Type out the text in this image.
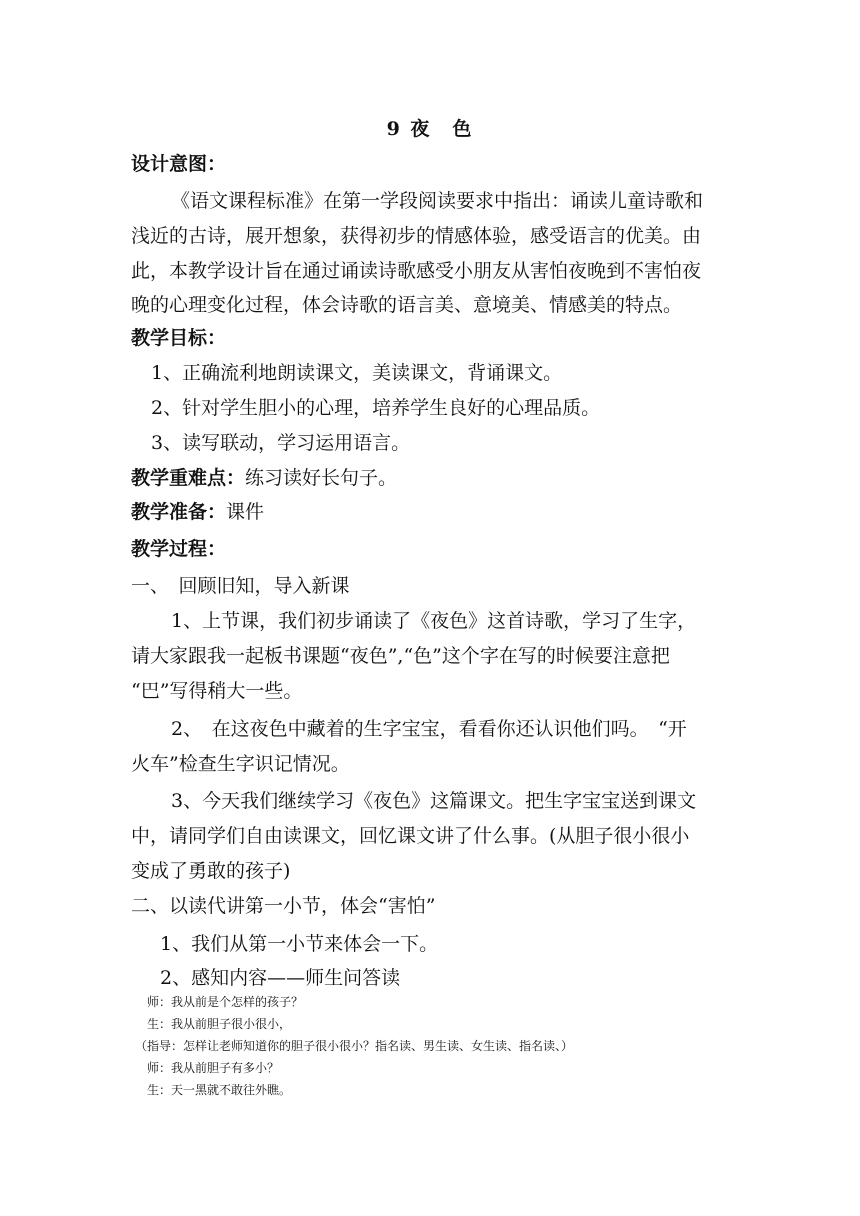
9 夜　色
设计意图：
《语文课程标准》在第一学段阅读要求中指出：诵读儿童诗歌和
浅近的古诗，展开想象，获得初步的情感体验，感受语言的优美。由
此，本教学设计旨在通过诵读诗歌感受小朋友从害怕夜晚到不害怕夜
晚的心理变化过程，体会诗歌的语言美、意境美、情感美的特点。
教学目标：
1、正确流利地朗读课文，美读课文，背诵课文。
2、针对学生胆小的心理，培养学生良好的心理品质。
3、读写联动，学习运用语言。
教学重难点：练习读好长句子。
教学准备：课件
教学过程：
一、　回顾旧知，导入新课
1、上节课，我们初步诵读了《夜色》这首诗歌，学习了生字，
请大家跟我一起板书课题“夜色”,“色”这个字在写的时候要注意把
“巴”写得稍大一些。
2、　在这夜色中藏着的生字宝宝，看看你还认识他们吗。　“开
火车”检查生字识记情况。
3、今天我们继续学习《夜色》这篇课文。把生字宝宝送到课文
中，请同学们自由读课文，回忆课文讲了什么事。(从胆子很小很小
变成了勇敢的孩子)
二、以读代讲第一小节，体会“害怕”
1、我们从第一小节来体会一下。
2、感知内容——师生问答读
师：我从前是个怎样的孩子？
生：我从前胆子很小很小，
（指导：怎样让老师知道你的胆子很小很小？指名读、男生读、女生读、指名读、）
师：我从前胆子有多小？
生：天一黑就不敢往外瞧。
